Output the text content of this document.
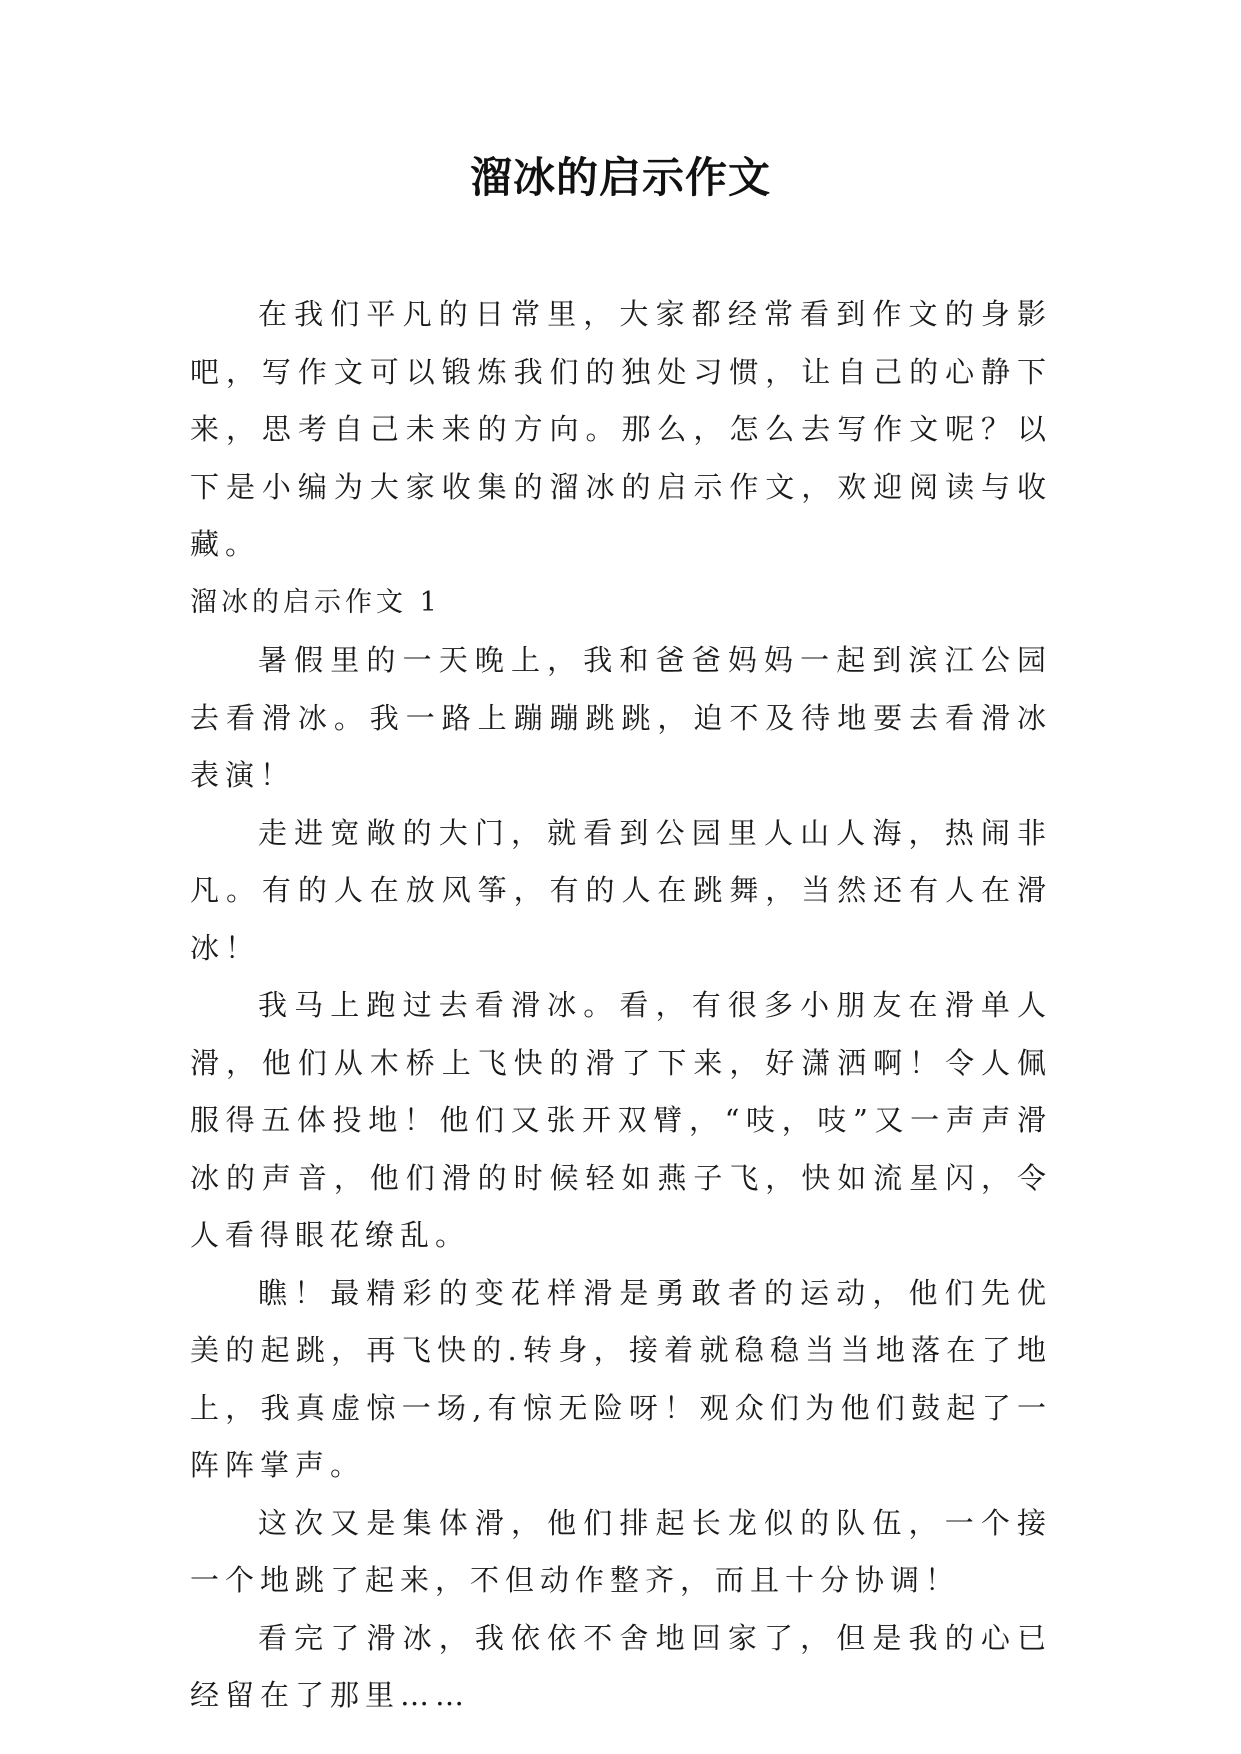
溜冰的启示作文

在我们平凡的日常里，大家都经常看到作文的身影吧，写作文可以锻炼我们的独处习惯，让自己的心静下来，思考自己未来的方向。那么，怎么去写作文呢？以下是小编为大家收集的溜冰的启示作文，欢迎阅读与收藏。

溜冰的启示作文 1

暑假里的一天晚上，我和爸爸妈妈一起到滨江公园去看滑冰。我一路上蹦蹦跳跳，迫不及待地要去看滑冰表演！

走进宽敞的大门，就看到公园里人山人海，热闹非凡。有的人在放风筝，有的人在跳舞，当然还有人在滑冰！

我马上跑过去看滑冰。看，有很多小朋友在滑单人滑，他们从木桥上飞快的滑了下来，好潇洒啊！令人佩服得五体投地！他们又张开双臂，“吱，吱”又一声声滑冰的声音，他们滑的时候轻如燕子飞，快如流星闪，令人看得眼花缭乱。

瞧！最精彩的变花样滑是勇敢者的运动，他们先优美的起跳，再飞快的.转身，接着就稳稳当当地落在了地上，我真虚惊一场,有惊无险呀！观众们为他们鼓起了一阵阵掌声。

这次又是集体滑，他们排起长龙似的队伍，一个接一个地跳了起来，不但动作整齐，而且十分协调！

看完了滑冰，我依依不舍地回家了，但是我的心已经留在了那里……
